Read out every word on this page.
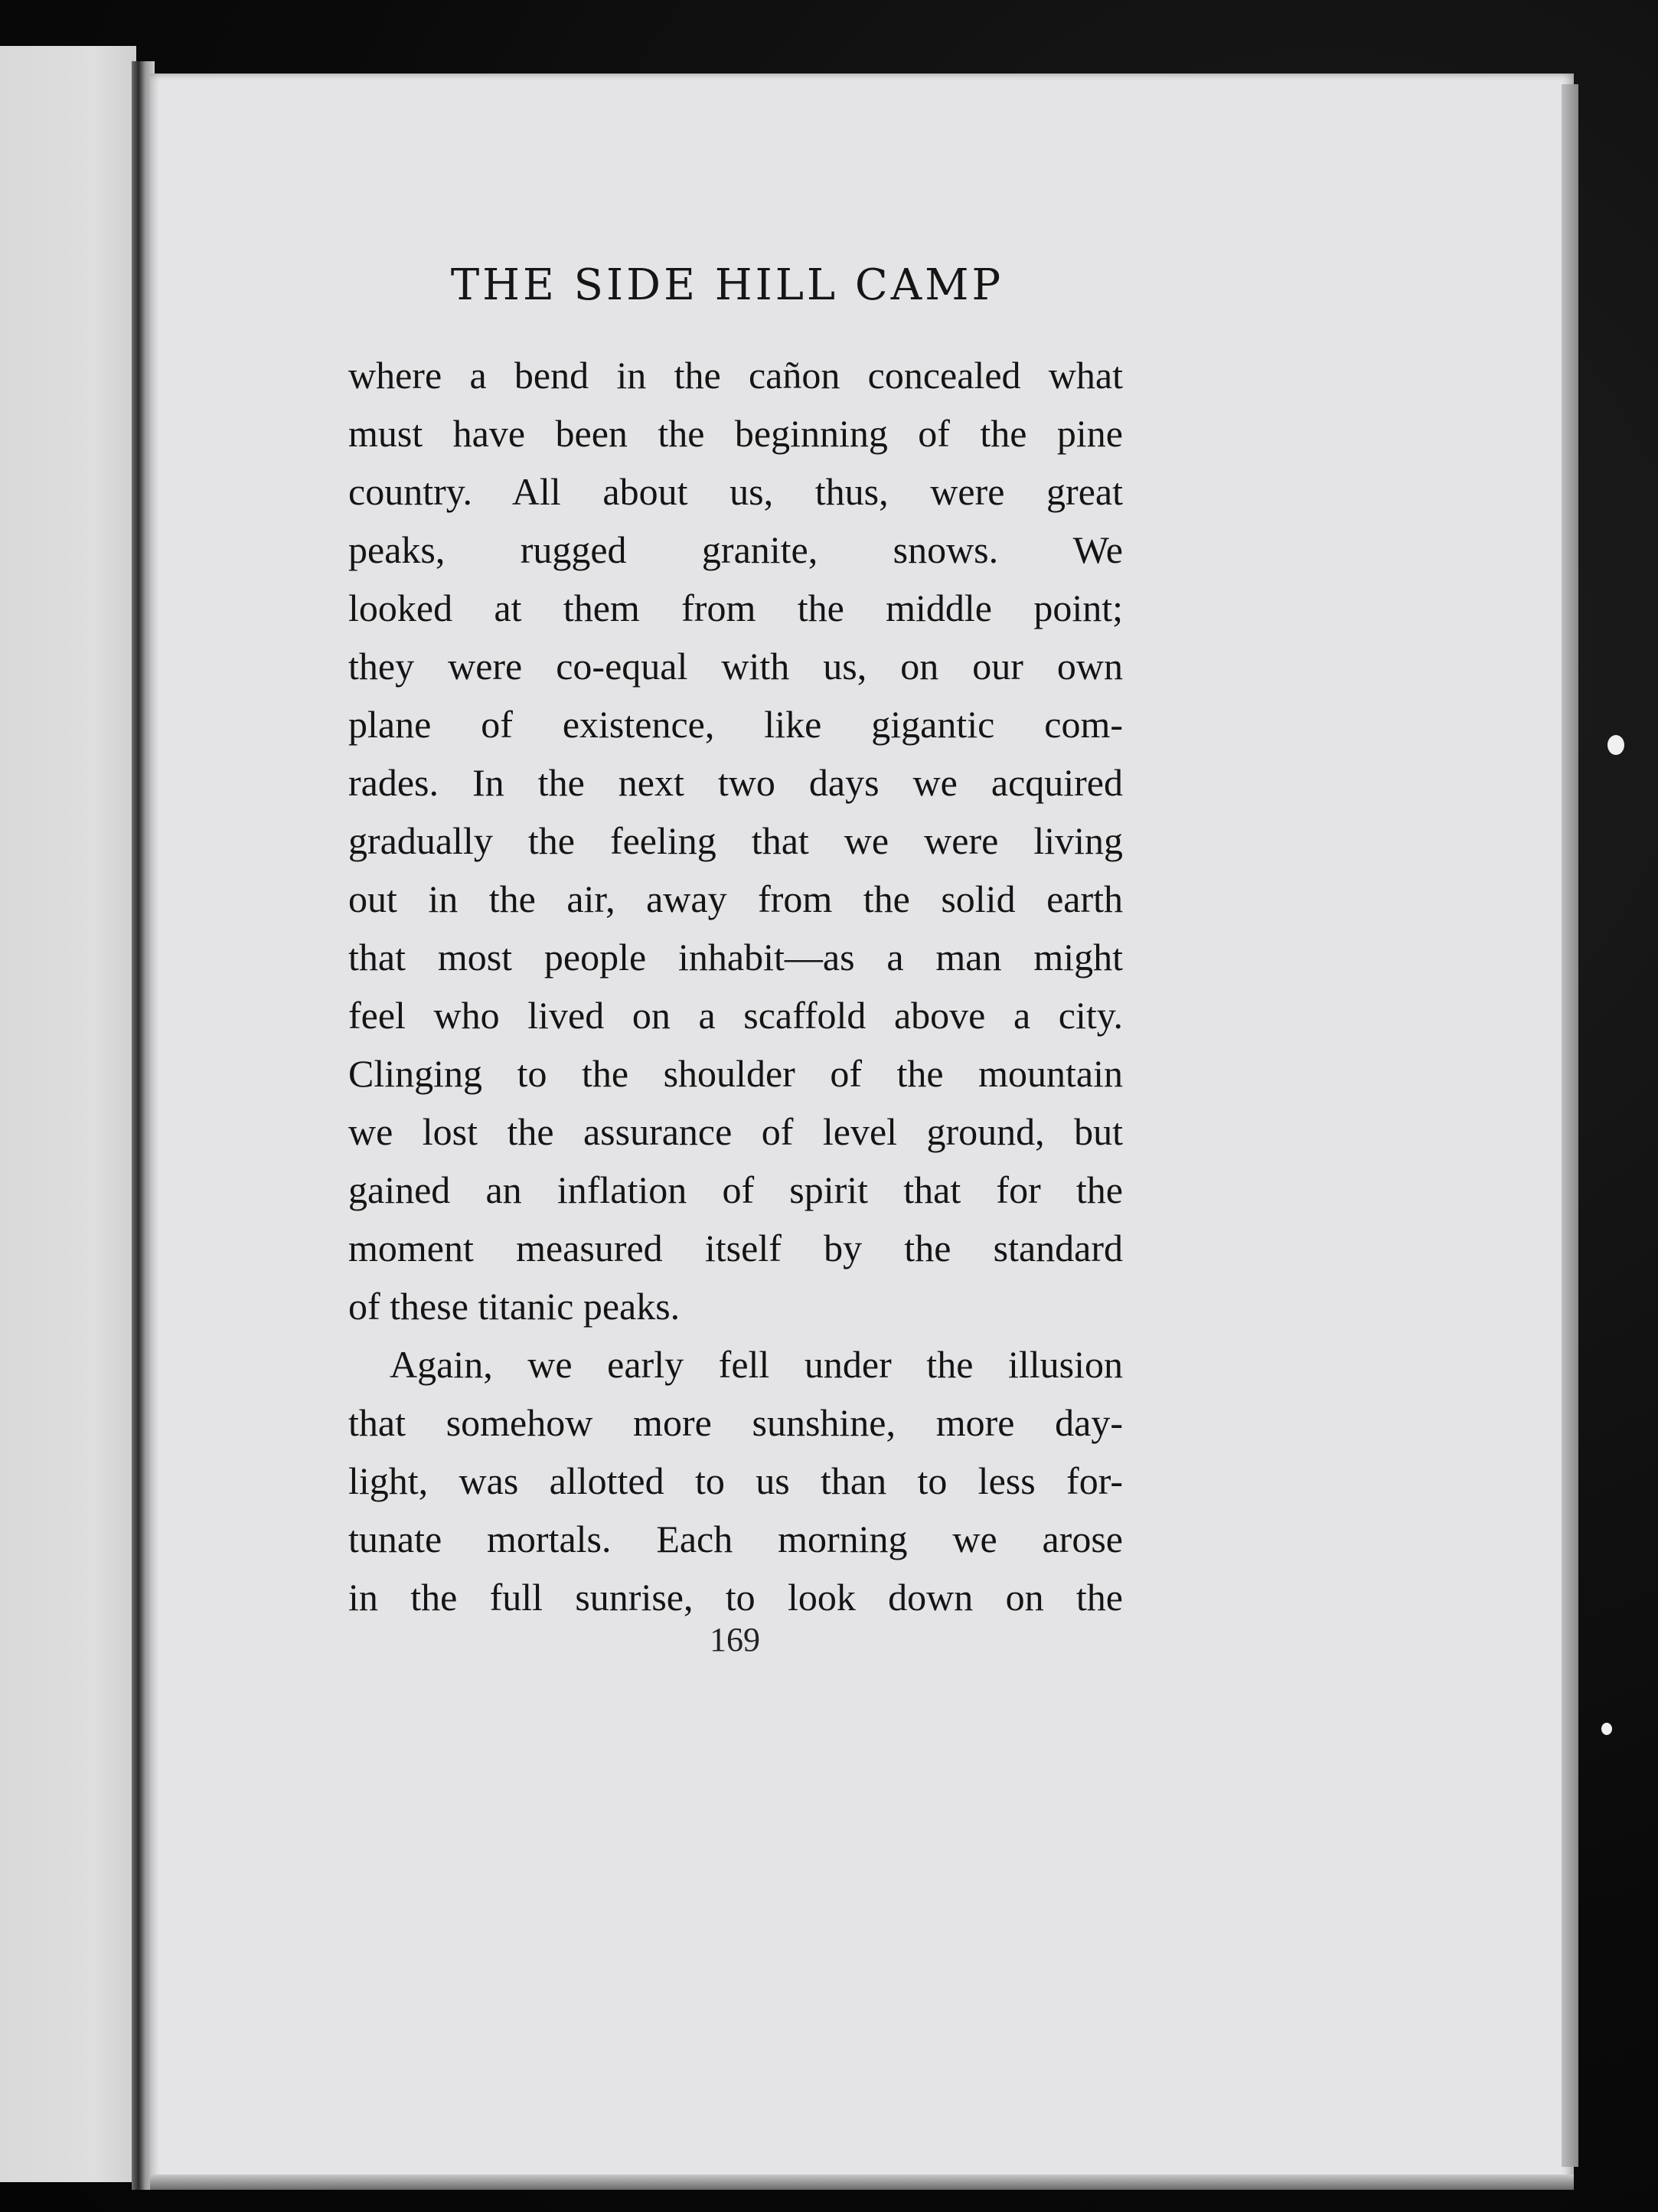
THE SIDE HILL CAMP
where a bend in the cañon concealed what
must have been the beginning of the pine
country. All about us, thus, were great
peaks, rugged granite, snows. We
looked at them from the middle point;
they were co-equal with us, on our own
plane of existence, like gigantic com-
rades. In the next two days we acquired
gradually the feeling that we were living
out in the air, away from the solid earth
that most people inhabit—as a man might
feel who lived on a scaffold above a city.
Clinging to the shoulder of the mountain
we lost the assurance of level ground, but
gained an inflation of spirit that for the
moment measured itself by the standard
of these titanic peaks.
Again, we early fell under the illusion
that somehow more sunshine, more day-
light, was allotted to us than to less for-
tunate mortals. Each morning we arose
in the full sunrise, to look down on the
169
